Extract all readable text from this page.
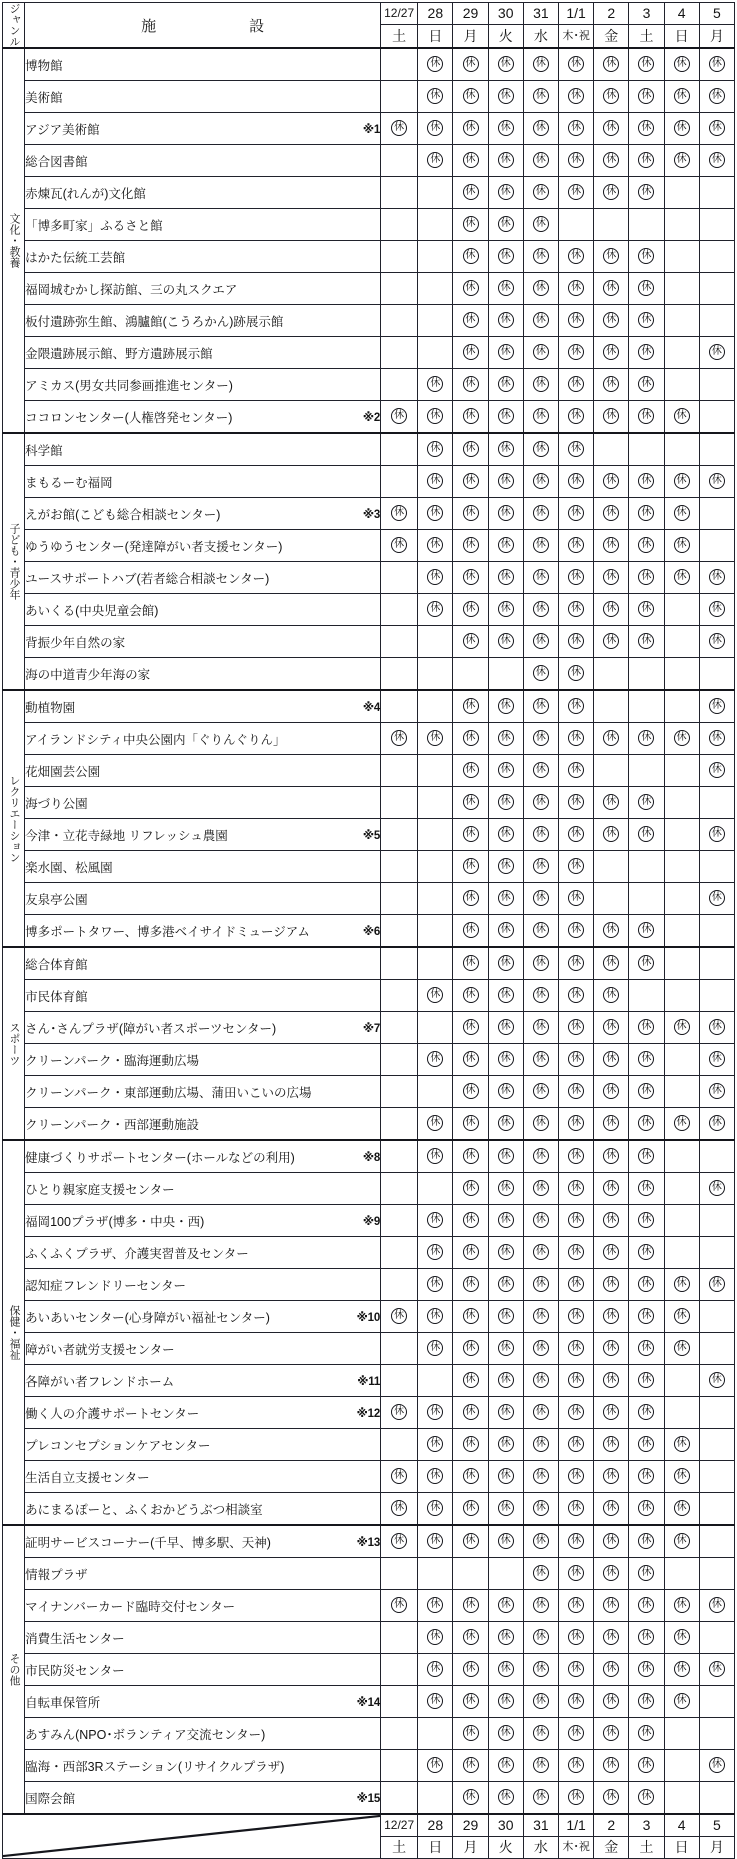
ジャンル	施　　　設	12/27	28	29	30	31	1/1	2	3	4	5
		土	日	月	火	水	木･祝	金	土	日	月

文化・教養	博物館		休	休	休	休	休	休	休	休	休

	美術館		休	休	休	休	休	休	休	休	休

	アジア美術館 ※1	休	休	休	休	休	休	休	休	休	休

	総合図書館		休	休	休	休	休	休	休	休	休

	赤煉瓦(れんが)文化館			休	休	休	休	休	休		

	「博多町家」ふるさと館			休	休	休					

	はかた伝統工芸館			休	休	休	休	休	休		

	福岡城むかし探訪館、三の丸スクエア			休	休	休	休	休	休		

	板付遺跡弥生館、鴻臚館(こうろかん)跡展示館			休	休	休	休	休	休		

	金隈遺跡展示館、野方遺跡展示館			休	休	休	休	休	休		休

	アミカス(男女共同参画推進センター)		休	休	休	休	休	休	休		

	ココロンセンター(人権啓発センター) ※2	休	休	休	休	休	休	休	休	休	

子ども・青少年	科学館		休	休	休	休	休				

	まもるーむ福岡		休	休	休	休	休	休	休	休	休

	えがお館(こども総合相談センター) ※3	休	休	休	休	休	休	休	休	休	

	ゆうゆうセンター(発達障がい者支援センター)	休	休	休	休	休	休	休	休	休	

	ユースサポートハブ(若者総合相談センター)		休	休	休	休	休	休	休	休	休

	あいくる(中央児童会館)		休	休	休	休	休	休	休		休

	背振少年自然の家			休	休	休	休	休	休		休

	海の中道青少年海の家					休	休				

レクリエーション	動植物園 ※4			休	休	休	休				休

	アイランドシティ中央公園内「ぐりんぐりん」	休	休	休	休	休	休	休	休	休	休

	花畑園芸公園			休	休	休	休				休

	海づり公園			休	休	休	休	休	休		

	今津・立花寺緑地 リフレッシュ農園 ※5			休	休	休	休	休	休		休

	楽水園、松風園			休	休	休	休				

	友泉亭公園			休	休	休	休				休

	博多ポートタワー、博多港ベイサイドミュージアム ※6			休	休	休	休	休	休		

スポーツ	総合体育館			休	休	休	休	休	休		

	市民体育館		休	休	休	休	休	休			

	さん･さんプラザ(障がい者スポーツセンター) ※7			休	休	休	休	休	休	休	休

	クリーンパーク・臨海運動広場		休	休	休	休	休	休	休		休

	クリーンパーク・東部運動広場、蒲田いこいの広場			休	休	休	休	休	休		休

	クリーンパーク・西部運動施設		休	休	休	休	休	休	休	休	休

保健・福祉	健康づくりサポートセンター(ホールなどの利用) ※8		休	休	休	休	休	休	休		

	ひとり親家庭支援センター			休	休	休	休	休	休		休

	福岡100プラザ(博多・中央・西) ※9		休	休	休	休	休	休	休		

	ふくふくプラザ、介護実習普及センター		休	休	休	休	休	休	休		

	認知症フレンドリーセンター		休	休	休	休	休	休	休	休	休

	あいあいセンター(心身障がい福祉センター) ※10	休	休	休	休	休	休	休	休	休	

	障がい者就労支援センター		休	休	休	休	休	休	休	休	

	各障がい者フレンドホーム ※11			休	休	休	休	休	休		休

	働く人の介護サポートセンター ※12	休	休	休	休	休	休	休	休		

	プレコンセプションケアセンター		休	休	休	休	休	休	休	休	

	生活自立支援センター	休	休	休	休	休	休	休	休	休	

	あにまるぽーと、ふくおかどうぶつ相談室	休	休	休	休	休	休	休	休	休	

その他	証明サービスコーナー(千早、博多駅、天神) ※13	休	休	休	休	休	休	休	休	休	

	情報プラザ					休	休	休	休		

	マイナンバーカード臨時交付センター	休	休	休	休	休	休	休	休	休	休

	消費生活センター		休	休	休	休	休	休	休	休	

	市民防災センター		休	休	休	休	休	休	休	休	休

	自転車保管所 ※14		休	休	休	休	休	休	休	休	

	あすみん(NPO･ボランティア交流センター)			休	休	休	休	休	休		

	臨海・西部3Rステーション(リサイクルプラザ)		休	休	休	休	休	休	休		休

	国際会館 ※15			休	休	休	休	休	休		

	12/27	28	29	30	31	1/1	2	3	4	5
		土	日	月	火	水	木･祝	金	土	日	月
